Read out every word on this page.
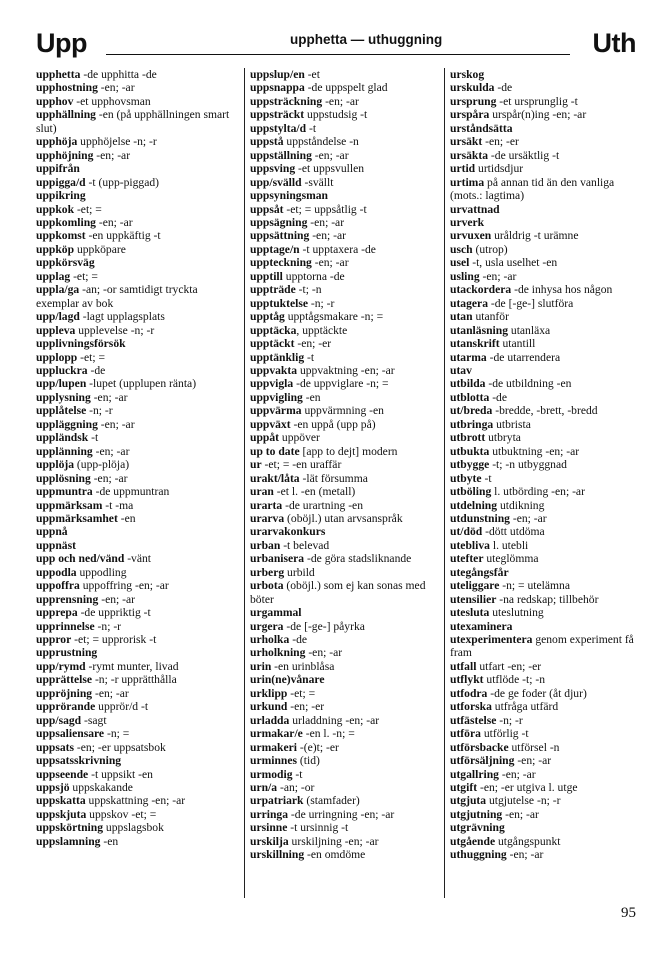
Upp	upphetta — uthuggning	Uth
upphetta -de upphitta -de
upphostning -en; -ar
upphov -et upphovsman
upphällning -en (på upphällningen smart slut)
upphöja upphöjelse -n; -r
upphöjning -en; -ar
uppifrån
uppigga/d -t (upp-piggad)
uppikring
uppkok -et; =
uppkomling -en; -ar
uppkomst -en uppkäftig -t
uppköp uppköpare
uppkörsväg
upplag -et; =
uppla/ga -an; -or samtidigt tryckta exemplar av bok
upp/lagd -lagt upplagsplats
uppleva upplevelse -n; -r
upplivningsförsök
upplopp -et; =
uppluckra -de
upp/lupen -lupet (upplupen ränta)
upplysning -en; -ar
upplåtelse -n; -r
uppläggning -en; -ar
uppländsk -t
upplänning -en; -ar
upplöja (upp-plöja)
upplösning -en; -ar
uppmuntra -de uppmuntran
uppmärksam -t -ma
uppmärksamhet -en
uppnå
uppnäst
upp och ned/vänd -vänt
uppodla uppodling
uppoffra uppoffring -en; -ar
upprensning -en; -ar
upprepa -de uppriktig -t
upprinnelse -n; -r
uppror -et; = upprorisk -t
upprustning
upp/rymd -rymt munter, livad
upprättelse -n; -r upprätthålla
uppröjning -en; -ar
upprörande upprör/d -t
upp/sagd -sagt
uppsaliensare -n; =
uppsats -en; -er uppsatsbok
uppsatsskrivning
uppseende -t uppsikt -en
uppsjö uppskakande
uppskatta uppskattning -en; -ar
uppskjuta uppskov -et; =
uppskörtning uppslagsbok
uppslamning -en
uppslup/en -et
uppsnappa -de uppspelt glad
uppsträckning -en; -ar
uppsträckt uppstudsig -t
uppstylta/d -t
uppstå uppståndelse -n
uppställning -en; -ar
uppsving -et uppsvullen
upp/svälld -svällt
uppsyningsman
uppsåt -et; = uppsåtlig -t
uppsägning -en; -ar
uppsättning -en; -ar
upptage/n -t upptaxera -de
uppteckning -en; -ar
upptill upptorna -de
uppträde -t; -n
upptuktelse -n; -r
upptåg upptågsmakare -n; =
upptäcka, upptäckte
upptäckt -en; -er
upptänklig -t
uppvakta uppvaktning -en; -ar
uppvigla -de uppviglare -n; =
uppvigling -en
uppvärma uppvärmning -en
uppväxt -en uppå (upp på)
uppåt uppöver
up to date [app to dejt] modern
ur -et; = -en uraffär
urakt/låta -lät försumma
uran -et l. -en (metall)
urarta -de urartning -en
urarva (oböjl.) utan arvsanspråk
urarvakonkurs
urban -t belevad
urbanisera -de göra stadsliknande
urberg urbild
urbota (oböjl.) som ej kan sonas med böter
urgammal
urgera -de [-ge-] påyrka
urholka -de
urholkning -en; -ar
urin -en urinblåsa
urin(ne)vånare
urklipp -et; =
urkund -en; -er
urladda urladdning -en; -ar
urmakar/e -en l. -n; =
urmakeri -(e)t; -er
urminnes (tid)
urmodig -t
urn/a -an; -or
urpatriark (stamfader)
urringa -de urringning -en; -ar
ursinne -t ursinnig -t
urskilja urskiljning -en; -ar
urskillning -en omdöme
urskog
urskulda -de
ursprung -et ursprunglig -t
urspåra urspår(n)ing -en; -ar
urståndsätta
ursäkt -en; -er
ursäkta -de ursäktlig -t
urtid urtidsdjur
urtima på annan tid än den vanliga (mots.: lagtima)
urvattnad
urverk
urvuxen uråldrig -t urämne
usch (utrop)
usel -t, usla uselhet -en
usling -en; -ar
utackordera -de inhysa hos någon
utagera -de [-ge-] slutföra
utan utanför
utanläsning utanläxa
utanskrift utantill
utarma -de utarrendera
utav
utbilda -de utbildning -en
utblotta -de
ut/breda -bredde, -brett, -bredd
utbringa utbrista
utbrott utbryta
utbukta utbuktning -en; -ar
utbygge -t; -n utbyggnad
utbyte -t
utböling l. utbörding -en; -ar
utdelning utdikning
utdunstning -en; -ar
ut/död -dött utdöma
utebliva l. utebli
utefter uteglömma
utegångsfår
uteliggare -n; = utelämna
utensilier -na redskap; tillbehör
utesluta uteslutning
utexaminera
utexperimentera genom experiment få fram
utfall utfart -en; -er
utflykt utflöde -t; -n
utfodra -de ge foder (åt djur)
utforska utfråga utfärd
utfästelse -n; -r
utföra utförlig -t
utförsbacke utförsel -n
utförsäljning -en; -ar
utgallring -en; -ar
utgift -en; -er utgiva l. utge
utgjuta utgjutelse -n; -r
utgjutning -en; -ar
utgrävning
utgående utgångspunkt
uthuggning -en; -ar
95
